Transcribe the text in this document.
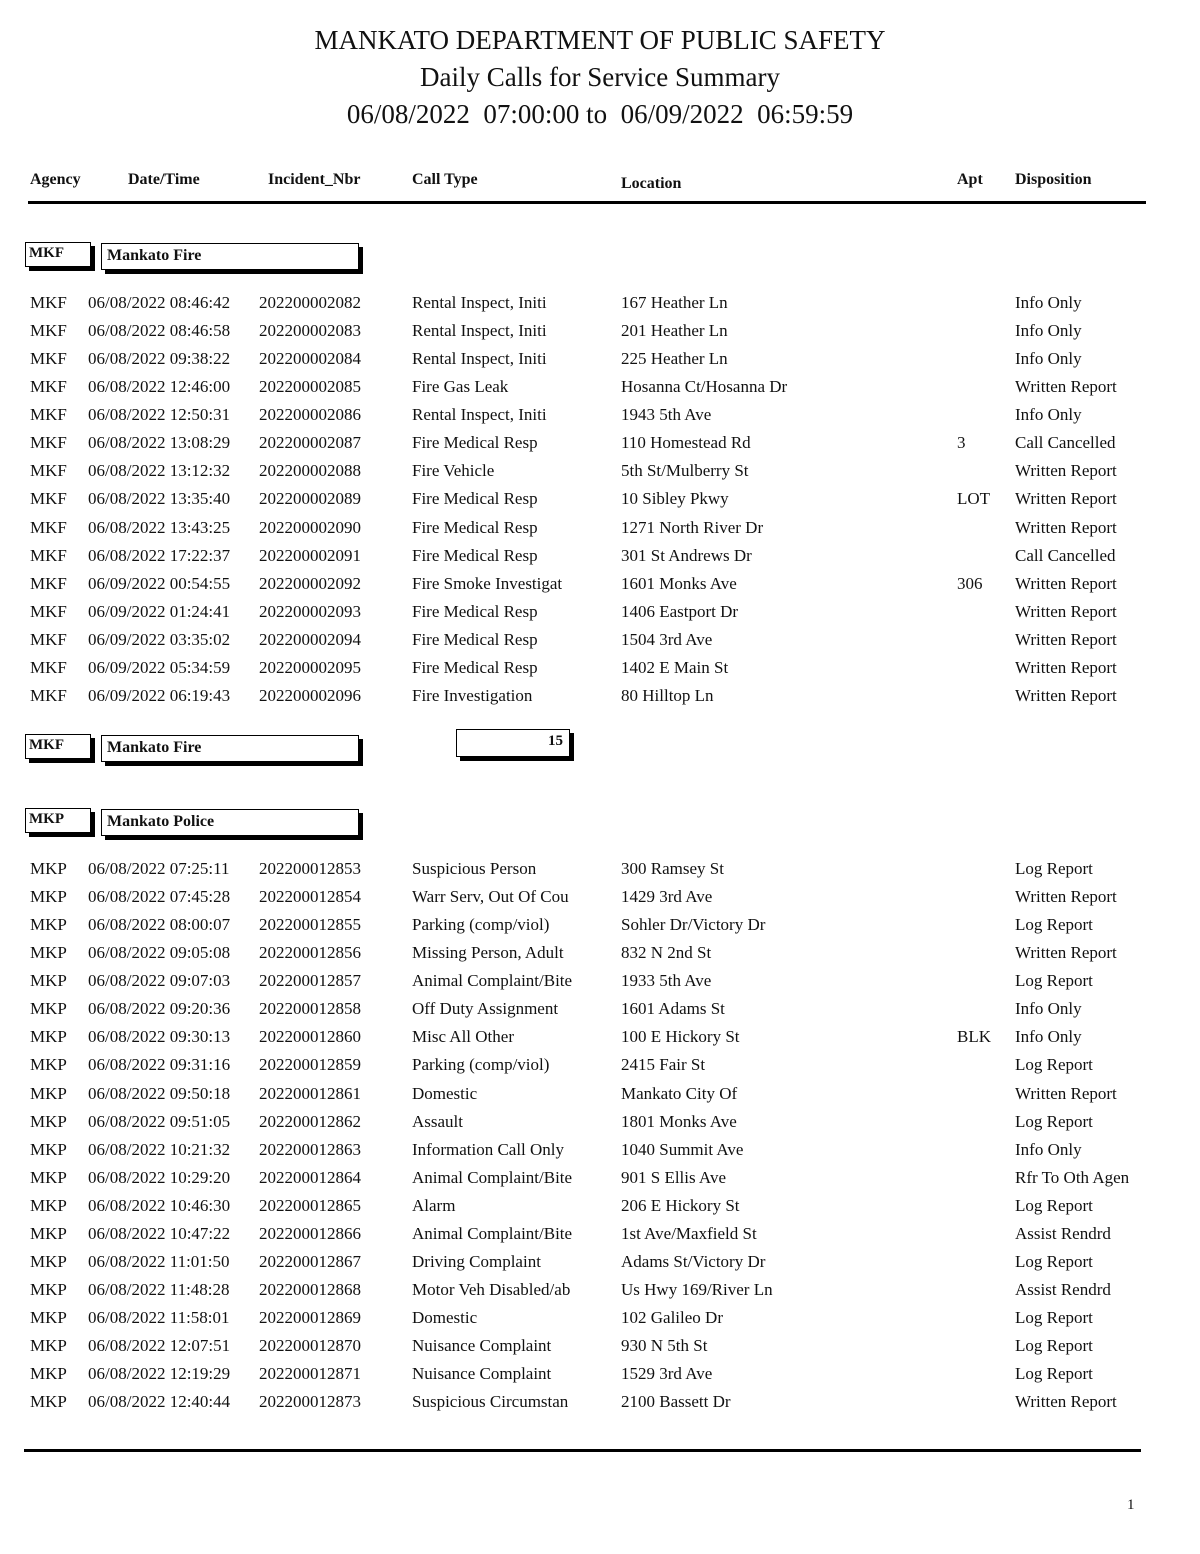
MANKATO DEPARTMENT OF PUBLIC SAFETY
Daily Calls for Service Summary
06/08/2022  07:00:00 to  06/09/2022  06:59:59
Agency	Date/Time	Incident_Nbr	Call Type	Location	Apt Disposition
MKF	Mankato Fire
MKF 06/08/2022 08:46:42 202200002082	Rental Inspect, Initi	167 Heather Ln	Info Only
MKF 06/08/2022 08:46:58 202200002083	Rental Inspect, Initi	201 Heather Ln	Info Only
MKF 06/08/2022 09:38:22 202200002084	Rental Inspect, Initi	225 Heather Ln	Info Only
MKF 06/08/2022 12:46:00 202200002085	Fire Gas Leak	Hosanna Ct/Hosanna Dr	Written Report
MKF 06/08/2022 12:50:31 202200002086	Rental Inspect, Initi	1943 5th Ave	Info Only
MKF 06/08/2022 13:08:29 202200002087	Fire Medical Resp	110 Homestead Rd	3	Call Cancelled
MKF 06/08/2022 13:12:32 202200002088	Fire Vehicle	5th St/Mulberry St	Written Report
MKF 06/08/2022 13:35:40 202200002089	Fire Medical Resp	10 Sibley Pkwy	LOT Written Report
MKF 06/08/2022 13:43:25 202200002090	Fire Medical Resp	1271 North River Dr	Written Report
MKF 06/08/2022 17:22:37 202200002091	Fire Medical Resp	301 St Andrews Dr	Call Cancelled
MKF 06/09/2022 00:54:55 202200002092	Fire Smoke Investigat	1601 Monks Ave	306 Written Report
MKF 06/09/2022 01:24:41 202200002093	Fire Medical Resp	1406 Eastport Dr	Written Report
MKF 06/09/2022 03:35:02 202200002094	Fire Medical Resp	1504 3rd Ave	Written Report
MKF 06/09/2022 05:34:59 202200002095	Fire Medical Resp	1402 E Main St	Written Report
MKF 06/09/2022 06:19:43 202200002096	Fire Investigation	80 Hilltop Ln	Written Report
MKF	Mankato Fire	15
MKP	Mankato Police
MKP 06/08/2022 07:25:11 202200012853	Suspicious Person	300 Ramsey St	Log Report
MKP 06/08/2022 07:45:28 202200012854	Warr Serv, Out Of Cou	1429 3rd Ave	Written Report
MKP 06/08/2022 08:00:07 202200012855	Parking (comp/viol)	Sohler Dr/Victory Dr	Log Report
MKP 06/08/2022 09:05:08 202200012856	Missing Person, Adult	832 N 2nd St	Written Report
MKP 06/08/2022 09:07:03 202200012857	Animal Complaint/Bite	1933 5th Ave	Log Report
MKP 06/08/2022 09:20:36 202200012858	Off Duty Assignment	1601 Adams St	Info Only
MKP 06/08/2022 09:30:13 202200012860	Misc All Other	100 E Hickory St	BLK Info Only
MKP 06/08/2022 09:31:16 202200012859	Parking (comp/viol)	2415 Fair St	Log Report
MKP 06/08/2022 09:50:18 202200012861	Domestic	Mankato City Of	Written Report
MKP 06/08/2022 09:51:05 202200012862	Assault	1801 Monks Ave	Log Report
MKP 06/08/2022 10:21:32 202200012863	Information Call Only	1040 Summit Ave	Info Only
MKP 06/08/2022 10:29:20 202200012864	Animal Complaint/Bite	901 S Ellis Ave	Rfr To Oth Agen
MKP 06/08/2022 10:46:30 202200012865	Alarm	206 E Hickory St	Log Report
MKP 06/08/2022 10:47:22 202200012866	Animal Complaint/Bite	1st Ave/Maxfield St	Assist Rendrd
MKP 06/08/2022 11:01:50 202200012867	Driving Complaint	Adams St/Victory Dr	Log Report
MKP 06/08/2022 11:48:28 202200012868	Motor Veh Disabled/ab	Us Hwy 169/River Ln	Assist Rendrd
MKP 06/08/2022 11:58:01 202200012869	Domestic	102 Galileo Dr	Log Report
MKP 06/08/2022 12:07:51 202200012870	Nuisance Complaint	930 N 5th St	Log Report
MKP 06/08/2022 12:19:29 202200012871	Nuisance Complaint	1529 3rd Ave	Log Report
MKP 06/08/2022 12:40:44 202200012873	Suspicious Circumstan	2100 Bassett Dr	Written Report
1
